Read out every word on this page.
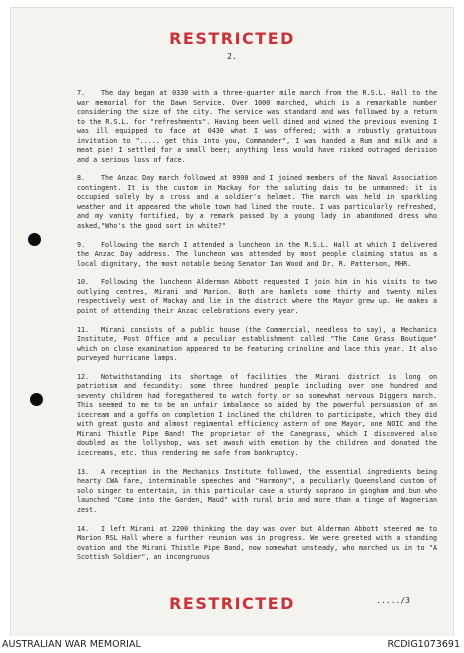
RESTRICTED
2.

7. The day began at 0330 with a three-quarter mile march from the R.S.L. Hall to the war memorial for the Dawn Service. Over 1000 marched, which is a remarkable number considering the size of the city. The service was standard and was followed by a return to the R.S.L. for "refreshments". Having been well dined and wined the previous evening I was ill equipped to face at 0430 what I was offered; with a robustly gratuitous invitation to "..... get this into you, Commander", I was handed a Rum and milk and a meat pie! I settled for a small beer; anything less would have risked outraged derision and a serious loss of face.

8. The Anzac Day march followed at 0900 and I joined members of the Naval Association contingent. It is the custom in Mackay for the saluting dais to be unmanned: it is occupied solely by a cross and a soldier's helmet. The march was held in sparkling weather and it appeared the whole town had lined the route. I was particularly refreshed, and my vanity fortified, by a remark passed by a young lady in abandoned dress who asked,"Who's the good sort in white?"

9. Following the march I attended a luncheon in the R.S.L. Hall at which I delivered the Anzac Day address. The luncheon was attended by most people claiming status as a local dignitary, the most notable being Senator Ian Wood and Dr. R. Patterson, MHR.

10. Following the luncheon Alderman Abbott requested I join him in his visits to two outlying centres, Mirani and Marion. Both are hamlets some thirty and twenty miles respectively west of Mackay and lie in the district where the Mayor grew up. He makes a point of attending their Anzac celebrations every year.

11. Mirani consists of a public house (the Commercial, needless to say), a Mechanics Institute, Post Office and a peculiar establishment called "The Cane Grass Boutique" which on close examination appeared to be featuring crinoline and lace this year. It also purveyed hurricane lamps.

12. Notwithstanding its shortage of facilities the Mirani district is long on patriotism and fecundity: some three hundred people including over one hundred and seventy children had foregathered to watch forty or so somewhat nervous Diggers march. This seemed to me to be an unfair imbalance so aided by the powerful persuasion of an icecream and a goffa on completion I inclined the children to participate, which they did with great gusto and almost regimental efficiency astern of one Mayor, one NOIC and the Mirani Thistle Pipe Band! The proprietor of the Canegrass, which I discovered also doubled as the lollyshop, was set awash with emotion by the children and donated the icecreams, etc. thus rendering me safe from bankruptcy.

13. A reception in the Mechanics Institute followed, the essential ingredients being hearty CWA fare, interminable speeches and "Harmony", a peculiarly Queensland custom of solo singer to entertain, in this particular case a sturdy soprano in gingham and bun who launched "Come into the Garden, Maud" with rural brio and more than a tinge of Wagnerian zest.

14. I left Mirani at 2200 thinking the day was over but Alderman Abbott steered me to Marion RSL Hall where a further reunion was in progress. We were greeted with a standing ovation and the Mirani Thistle Pipe Band, now somewhat unsteady, who marched us in to "A Scottish Soldier", an incongruous

RESTRICTED	...../3
AUSTRALIAN WAR MEMORIAL	RCDIG1073691
